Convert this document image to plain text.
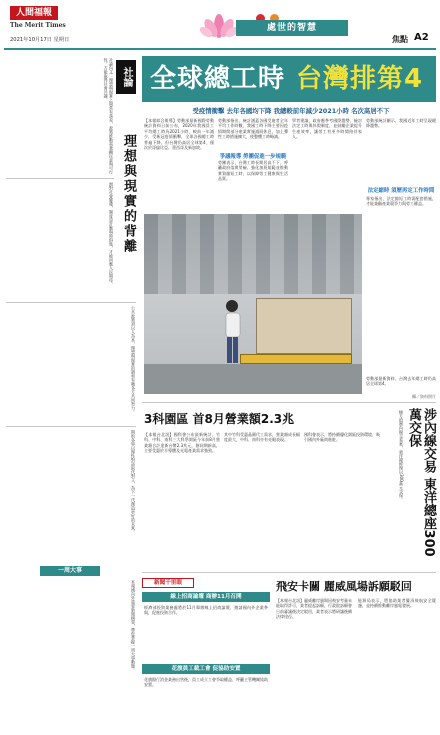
人間福報
The Merit Times
2021年10月17日 星期日

處世的智慧
焦點 A2
社論
理想與現實的背離
社論內文：理想與現實之間常有落差，政策推動需兼顧民意與可行性，方能取得社會共識。
面對社會變遷，制度設計應與時俱進，才能回應人民期待。
公共政策須以人為本，理想與現實的調和有賴各方共同努力。
期盼各界以理性對話取代對立，為下一代創造更好的未來。
全球總工時 台灣排第4
受疫情衝擊 去年各國均下降 我總較前年減少2021小時 名次高居不下
【本報綜合報導】勞動部最新國際勞動統計資料日前公布，2020年我國員工平均總工時為2021小時，較前一年減少，受新冠疫情衝擊，全球各國總工時普遍下降，但台灣仍高居全球第4，僅次於哥倫比亞、墨西哥及新加坡。
勞動部指出，統計涵蓋各國受雇者全年平均工作時數，我國工時下降主要因疫情期間部分產業實施減班休息，加上彈性工時措施擴大，使整體工時略減。
爭議報導 勞團促進一步規範
勞團表示，台灣工時長期居高不下，呼籲政府落實勞檢、強化加班規範並推動實質縮短工時，以保障勞工健康與生活品質。
學者建議，政府應參考國際趨勢，檢討法定工時與休假制度，並鼓勵企業提升生產效率，讓勞工有更多時間陪伴家人。
法定縮時 須歷再定工作時間
勞動部統計顯示，我國近年工時呈現緩降趨勢。
專家指出，法定縮短工時需配套措施，才能兼顧產業競爭力與勞工權益。
勞動部最新資料，台灣去年總工時仍高居全球第4。
攝／資料照片
3科園區 首8月營業額2.3兆
【本報台北訊】國科會公布最新統計，竹科、中科、南科三大科學園區今年前8月營業額合計達新台幣2.3兆元，創同期新高，主要受惠於半導體及光電產業需求強勁。
其中竹科受惠晶圓代工需求，營業額成長幅度最大，中科、南科亦有亮眼表現。
國科會表示，將持續優化園區投資環境，吸引國內外廠商進駐。	涉內線交易 東洋總座300萬交保
檢方偵辦內線交易案，東洋總經理以300萬元交保。
一周大事
本週國內外重要新聞摘要，帶您掌握一周大事動態。	新聞千里眼
線上招商論壇 商辦11月召開
經濟部投資業務處將於11月舉辦線上招商論壇，邀請國內外企業參與，促進投資合作。
花旗員工截工會 促協助安置
花旗銀行消金業務出售後，員工成立工會爭取權益，呼籲主管機關協助安置。
飛安卡關 麗威風場訴願駁回
【本報台北訊】麗威離岸風場因飛安考量未能取得許可，業者提起訴願，行政院訴願會日前審議後決定駁回，業者表示將研議後續法律途徑。
能源局表示，將協助業者釐清飛航安全疑慮，並持續推動離岸風電發展。
